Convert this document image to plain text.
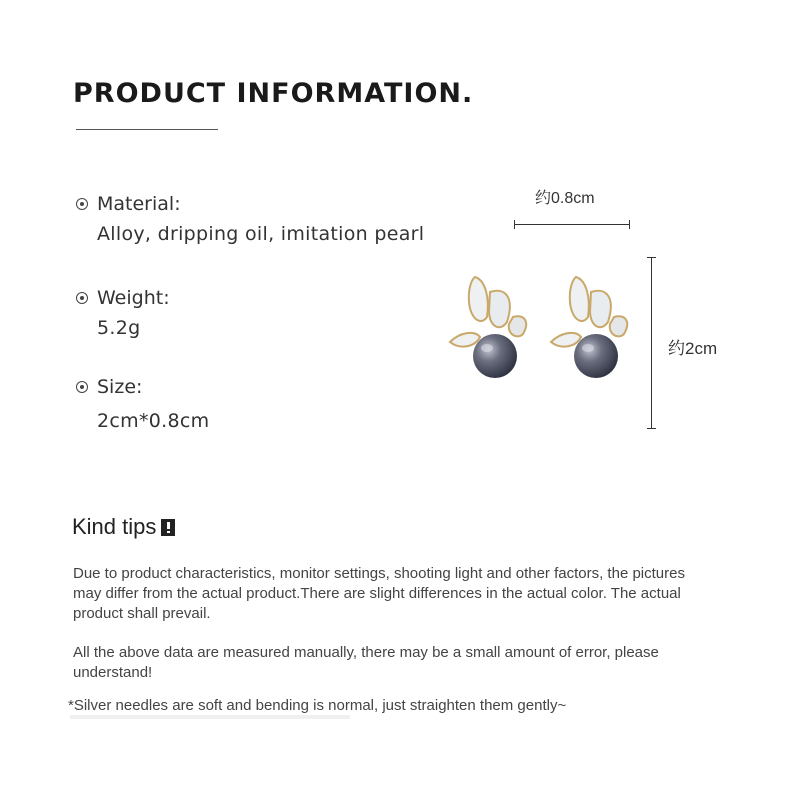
PRODUCT INFORMATION.
Material:
Alloy, dripping oil, imitation pearl
Weight:
5.2g
Size:
2cm*0.8cm
约0.8cm
约2cm
Kind tips
Due to product characteristics, monitor settings, shooting light and other factors, the pictures may differ from the actual product.There are slight differences in the actual color. The actual product shall prevail.
All the above data are measured manually, there may be a small amount of error, please understand!
*Silver needles are soft and bending is normal, just straighten them gently~
